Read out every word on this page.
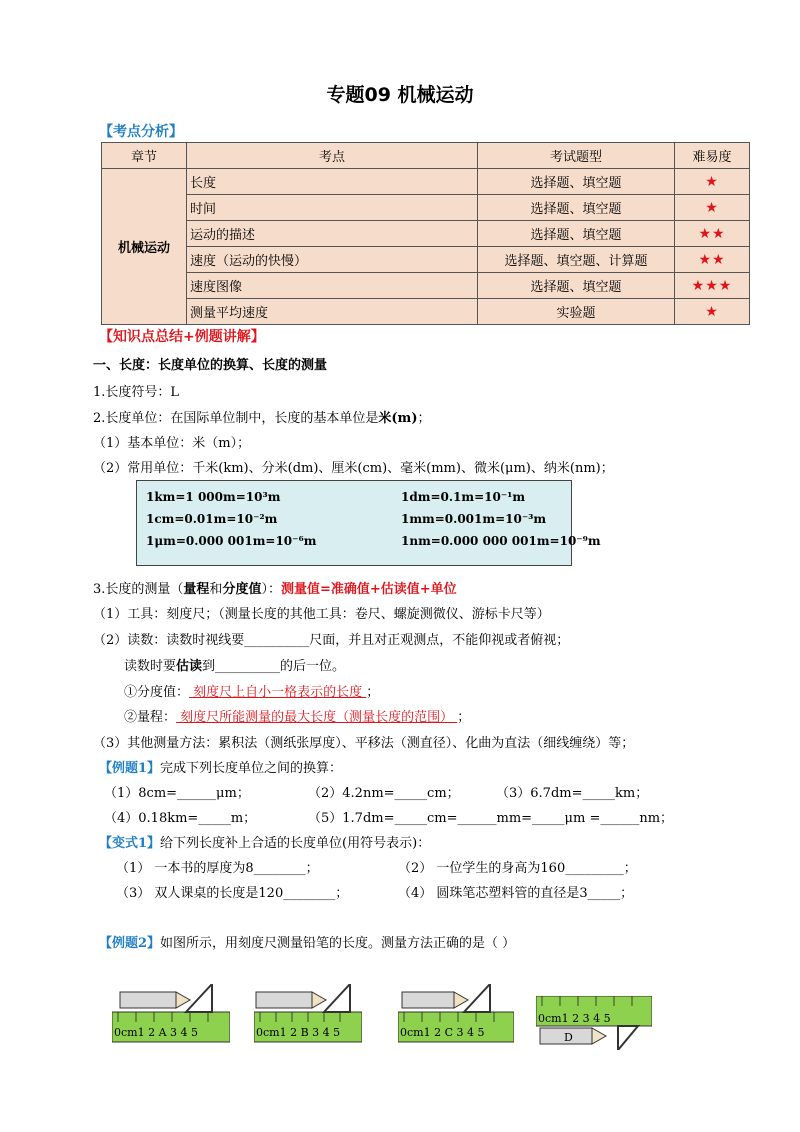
专题09 机械运动
【考点分析】
章节	考点	考试题型	难易度
机械运动	长度	选择题、填空题	★
	时间	选择题、填空题	★
	运动的描述	选择题、填空题	★★
	速度（运动的快慢）	选择题、填空题、计算题	★★
	速度图像	选择题、填空题	★★★
	测量平均速度	实验题	★
【知识点总结+例题讲解】
一、长度：长度单位的换算、长度的测量
1.长度符号：L
2.长度单位：在国际单位制中，长度的基本单位是米(m)；
（1）基本单位：米（m）；
（2）常用单位：千米(km)、分米(dm)、厘米(cm)、毫米(mm)、微米(μm)、纳米(nm)；
1km=1 000m=10³m	1dm=0.1m=10⁻¹m
1cm=0.01m=10⁻²m	1mm=0.001m=10⁻³m
1μm=0.000 001m=10⁻⁶m	1nm=0.000 000 001m=10⁻⁹m
3.长度的测量（量程和分度值）：测量值=准确值+估读值+单位
（1）工具：刻度尺；（测量长度的其他工具：卷尺、螺旋测微仪、游标卡尺等）
（2）读数：读数时视线要__________尺面，并且对正观测点，不能仰视或者俯视；
读数时要估读到__________的后一位。
①分度值： 刻度尺上自小一格表示的长度 ；
②量程： 刻度尺所能测量的最大长度（测量长度的范围） ；
（3）其他测量方法：累积法（测纸张厚度）、平移法（测直径）、化曲为直法（细线缠绕）等；
【例题1】完成下列长度单位之间的换算：
（1）8cm=______μm；	（2）4.2nm=_____cm；	（3）6.7dm=_____km；
（4）0.18km=_____m；	（5）1.7dm=_____cm=______mm=_____μm =______nm；
【变式1】给下列长度补上合适的长度单位(用符号表示)：
（1） 一本书的厚度为8________；	（2） 一位学生的身高为160_________；
（3） 双人课桌的长度是120________；	（4） 圆珠笔芯塑料管的直径是3_____；
【例题2】如图所示，用刻度尺测量铅笔的长度。测量方法正确的是（ ）
0cm1 2 A 3 4 5	0cm1 2 B 3 4 5	0cm1 2 C 3 4 5
0cm1 2 3 4 5
D
